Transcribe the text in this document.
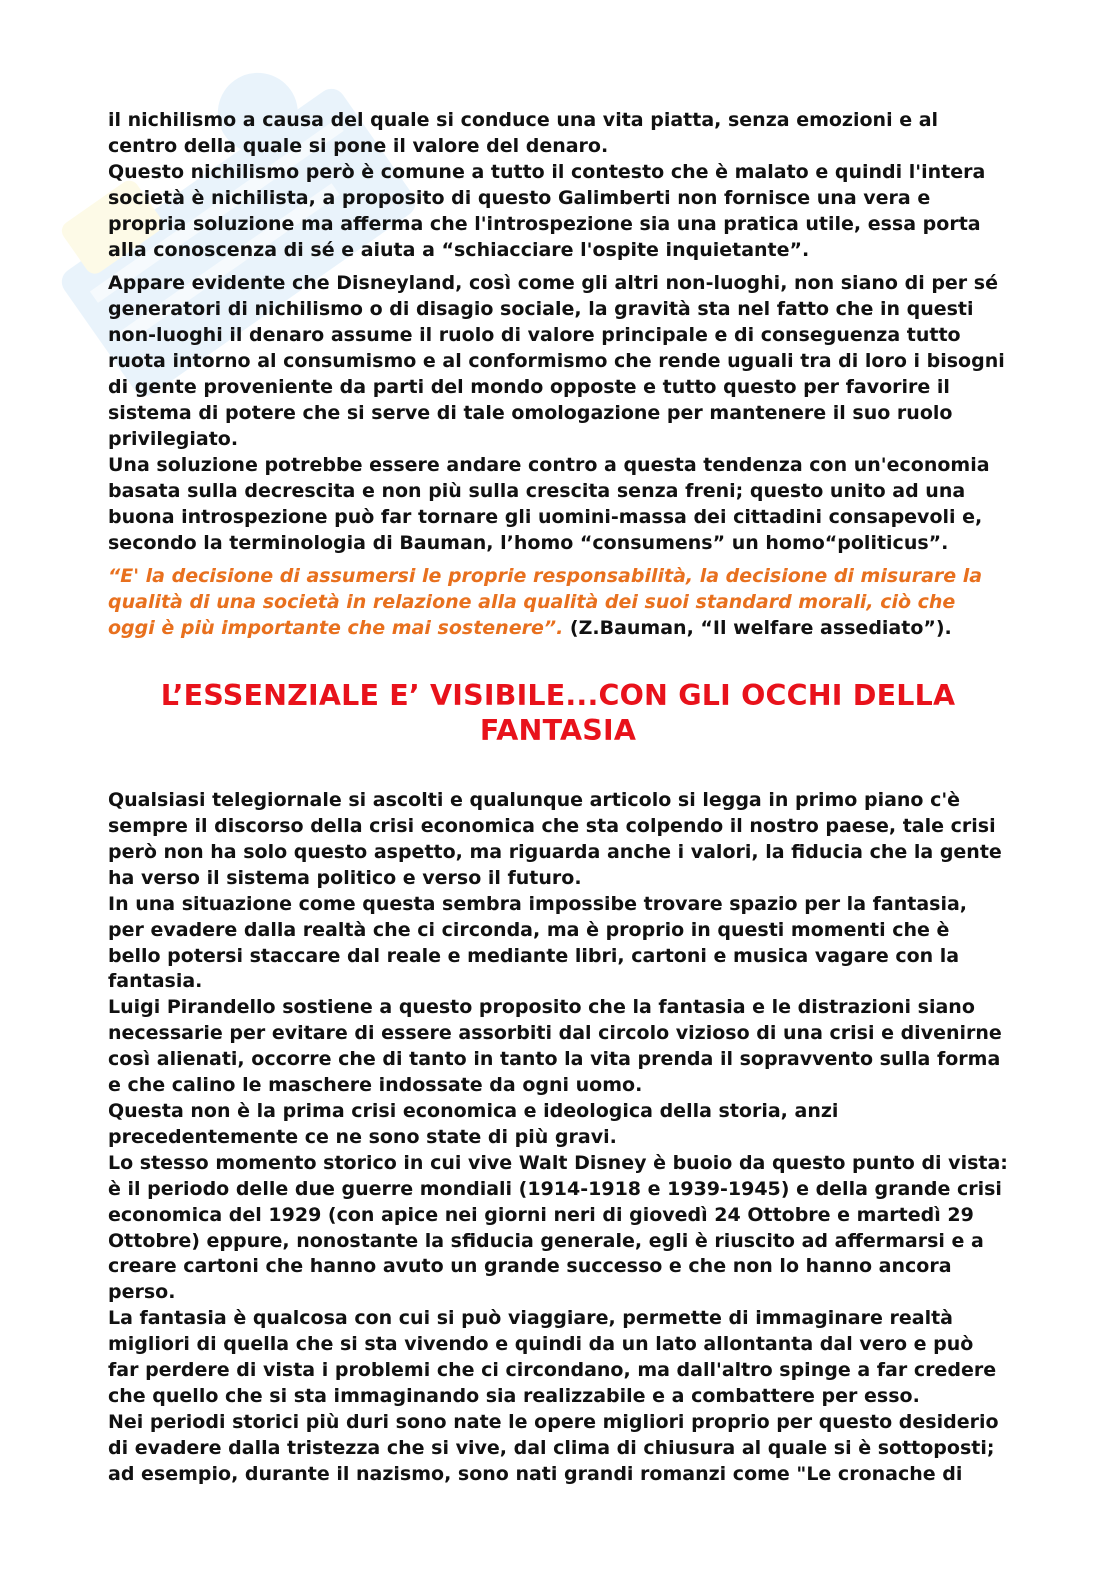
il nichilismo a causa del quale si conduce una vita piatta, senza emozioni e al centro della quale si pone il valore del denaro.

Questo nichilismo però è comune a tutto il contesto che è malato e quindi l'intera società è nichilista, a proposito di questo Galimberti non fornisce una vera e propria soluzione ma afferma che l'introspezione sia una pratica utile, essa porta alla conoscenza di sé e aiuta a “schiacciare l'ospite inquietante”.

Appare evidente che Disneyland, così come gli altri non-luoghi, non siano di per sé generatori di nichilismo o di disagio sociale, la gravità sta nel fatto che in questi non-luoghi il denaro assume il ruolo di valore principale e di conseguenza tutto ruota intorno al consumismo e al conformismo che rende uguali tra di loro i bisogni di gente proveniente da parti del mondo opposte e tutto questo per favorire il sistema di potere che si serve di tale omologazione per mantenere il suo ruolo privilegiato.

Una soluzione potrebbe essere andare contro a questa tendenza con un'economia basata sulla decrescita e non più sulla crescita senza freni; questo unito ad una buona introspezione può far tornare gli uomini-massa dei cittadini consapevoli e, secondo la terminologia di Bauman, l’homo “consumens” un homo“politicus”.

“E' la decisione di assumersi le proprie responsabilità, la decisione di misurare la qualità di una società in relazione alla qualità dei suoi standard morali, ciò che oggi è più importante che mai sostenere”. (Z.Bauman, “Il welfare assediato”).

L’ESSENZIALE E’ VISIBILE...CON GLI OCCHI DELLA FANTASIA

Qualsiasi telegiornale si ascolti e qualunque articolo si legga in primo piano c'è sempre il discorso della crisi economica che sta colpendo il nostro paese, tale crisi però non ha solo questo aspetto, ma riguarda anche i valori, la fiducia che la gente ha verso il sistema politico e verso il futuro.

In una situazione come questa sembra impossibe trovare spazio per la fantasia, per evadere dalla realtà che ci circonda, ma è proprio in questi momenti che è bello potersi staccare dal reale e mediante libri, cartoni e musica vagare con la fantasia.

Luigi Pirandello sostiene a questo proposito che la fantasia e le distrazioni siano necessarie per evitare di essere assorbiti dal circolo vizioso di una crisi e divenirne così alienati, occorre che di tanto in tanto la vita prenda il sopravvento sulla forma e che calino le maschere indossate da ogni uomo.

Questa non è la prima crisi economica e ideologica della storia, anzi precedentemente ce ne sono state di più gravi.

Lo stesso momento storico in cui vive Walt Disney è buoio da questo punto di vista: è il periodo delle due guerre mondiali (1914-1918 e 1939-1945) e della grande crisi economica del 1929 (con apice nei giorni neri di giovedì 24 Ottobre e martedì 29 Ottobre) eppure, nonostante la sfiducia generale, egli è riuscito ad affermarsi e a creare cartoni che hanno avuto un grande successo e che non lo hanno ancora perso.

La fantasia è qualcosa con cui si può viaggiare, permette di immaginare realtà migliori di quella che si sta vivendo e quindi da un lato allontanta dal vero e può far perdere di vista i problemi che ci circondano, ma dall'altro spinge a far credere che quello che si sta immaginando sia realizzabile e a combattere per esso.

Nei periodi storici più duri sono nate le opere migliori proprio per questo desiderio di evadere dalla tristezza che si vive, dal clima di chiusura al quale si è sottoposti; ad esempio, durante il nazismo, sono nati grandi romanzi come "Le cronache di
